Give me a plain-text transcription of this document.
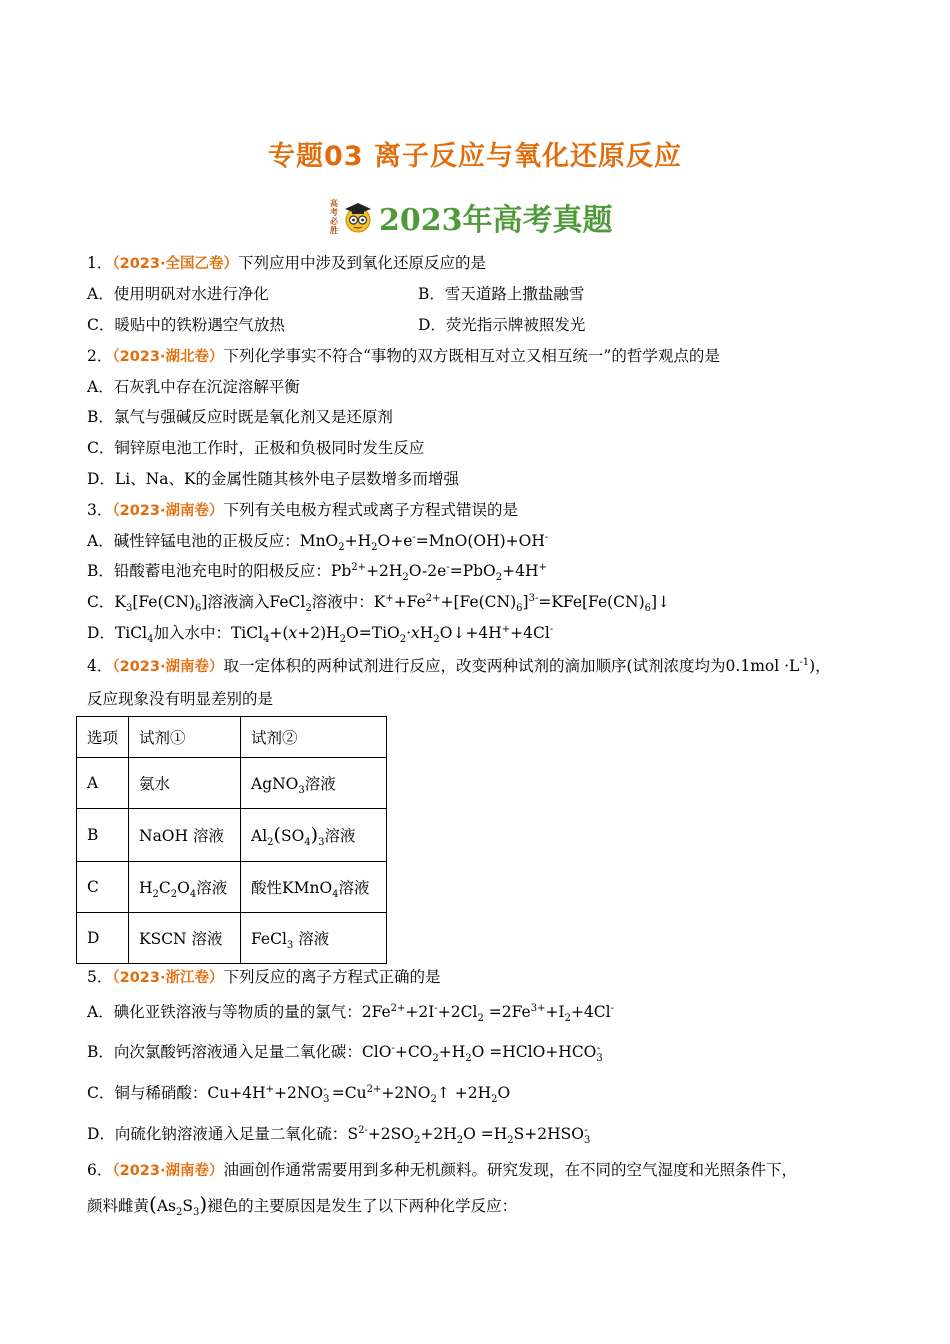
专题03 离子反应与氧化还原反应
高
考
必
胜 2023年高考真题
1．（2023·全国乙卷）下列应用中涉及到氧化还原反应的是
A．使用明矾对水进行净化	B．雪天道路上撒盐融雪
C．暖贴中的铁粉遇空气放热	D．荧光指示牌被照发光
2．（2023·湖北卷）下列化学事实不符合“事物的双方既相互对立又相互统一”的哲学观点的是
A．石灰乳中存在沉淀溶解平衡
B．氯气与强碱反应时既是氧化剂又是还原剂
C．铜锌原电池工作时，正极和负极同时发生反应
D．Li、Na、K的金属性随其核外电子层数增多而增强
3．（2023·湖南卷）下列有关电极方程式或离子方程式错误的是
A．碱性锌锰电池的正极反应：$MnO_2+H_2O+e^-=MnO(OH)+OH^-$
B．铅酸蓄电池充电时的阳极反应：$Pb^{2+}+2H_2O-2e^-=PbO_2+4H^+$
C．$K_3[Fe(CN)_6]$溶液滴入FeCl$_2$溶液中：$K^++Fe^{2+}+[Fe(CN)_6]^{3-}=KFe[Fe(CN)_6]↓$
D．TiCl$_4$加入水中：$TiCl_4+(x+2)H_2O=TiO_2\cdot xH_2O↓+4H^++4Cl^-$
4．（2023·湖南卷）取一定体积的两种试剂进行反应，改变两种试剂的滴加顺序(试剂浓度均为$0.1mol \cdot L^{-1}$)，
反应现象没有明显差别的是
选项	试剂①	试剂②
A	氨水	AgNO$_3$溶液
B	NaOH 溶液	$Al_2(SO_4)_3$溶液
C	$H_2C_2O_4$溶液	酸性KMnO$_4$溶液
D	KSCN 溶液	FeCl$_3$ 溶液
5．（2023·浙江卷）下列反应的离子方程式正确的是
A．碘化亚铁溶液与等物质的量的氯气：$2Fe^{2+}+2I^-+2Cl_2 =2Fe^{3+}+I_2+4Cl^-$
B．向次氯酸钙溶液通入足量二氧化碳：$ClO^-+CO_2+H_2O$ $=HClO+HCO_3^-$
C．铜与稀硝酸：$Cu+4H^++2NO_3^-$ $=Cu^{2+}+2NO_2↑ +2H_2O$
D．向硫化钠溶液通入足量二氧化硫：$S^{2-}+2SO_2+2H_2O =H_2S+2HSO_3^-$
6．（2023·湖南卷）油画创作通常需要用到多种无机颜料。研究发现，在不同的空气湿度和光照条件下，
颜料雌黄$(As_2S_3)$褪色的主要原因是发生了以下两种化学反应：
